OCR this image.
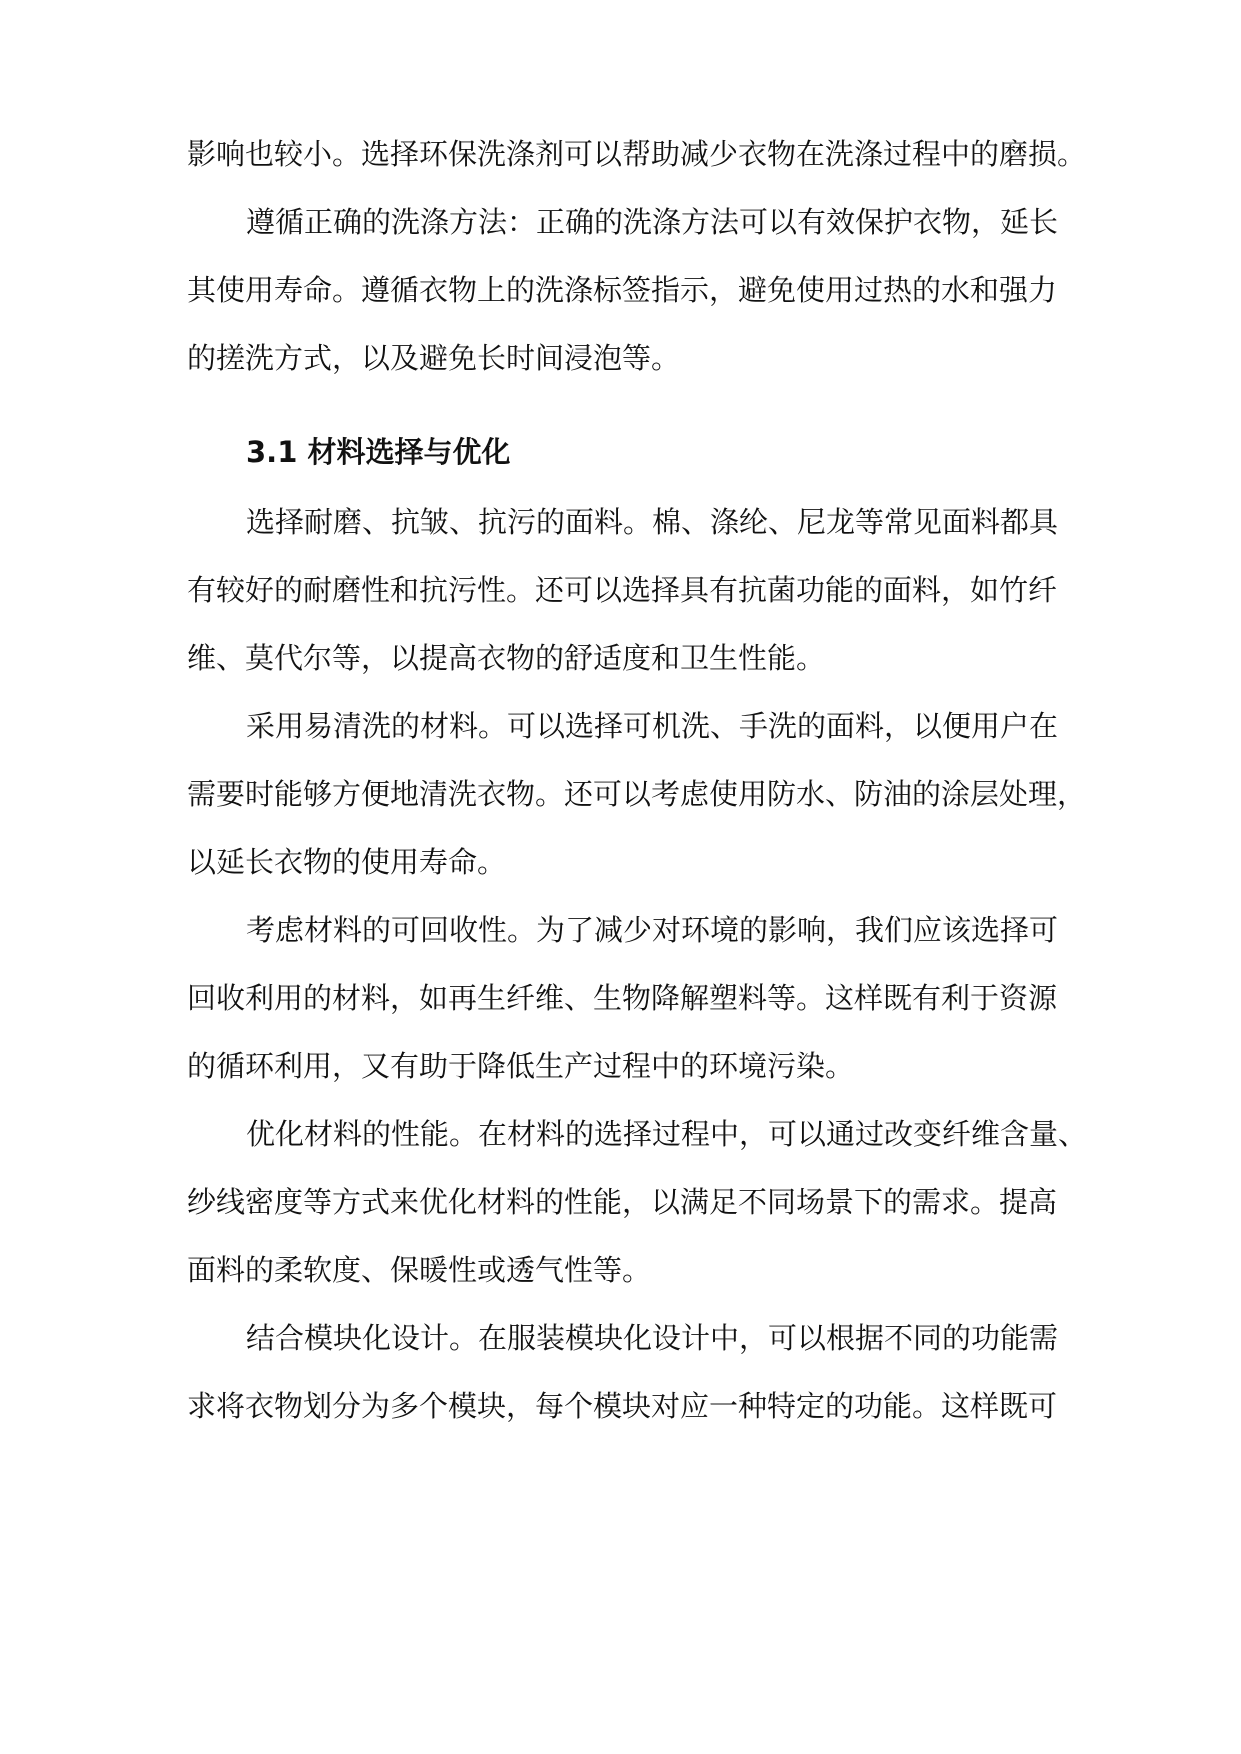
影响也较小。选择环保洗涤剂可以帮助减少衣物在洗涤过程中的磨损。
遵循正确的洗涤方法：正确的洗涤方法可以有效保护衣物，延长
其使用寿命。遵循衣物上的洗涤标签指示，避免使用过热的水和强力
的搓洗方式，以及避免长时间浸泡等。
3.1 材料选择与优化
选择耐磨、抗皱、抗污的面料。棉、涤纶、尼龙等常见面料都具
有较好的耐磨性和抗污性。还可以选择具有抗菌功能的面料，如竹纤
维、莫代尔等，以提高衣物的舒适度和卫生性能。
采用易清洗的材料。可以选择可机洗、手洗的面料，以便用户在
需要时能够方便地清洗衣物。还可以考虑使用防水、防油的涂层处理，
以延长衣物的使用寿命。
考虑材料的可回收性。为了减少对环境的影响，我们应该选择可
回收利用的材料，如再生纤维、生物降解塑料等。这样既有利于资源
的循环利用，又有助于降低生产过程中的环境污染。
优化材料的性能。在材料的选择过程中，可以通过改变纤维含量、
纱线密度等方式来优化材料的性能，以满足不同场景下的需求。提高
面料的柔软度、保暖性或透气性等。
结合模块化设计。在服装模块化设计中，可以根据不同的功能需
求将衣物划分为多个模块，每个模块对应一种特定的功能。这样既可
